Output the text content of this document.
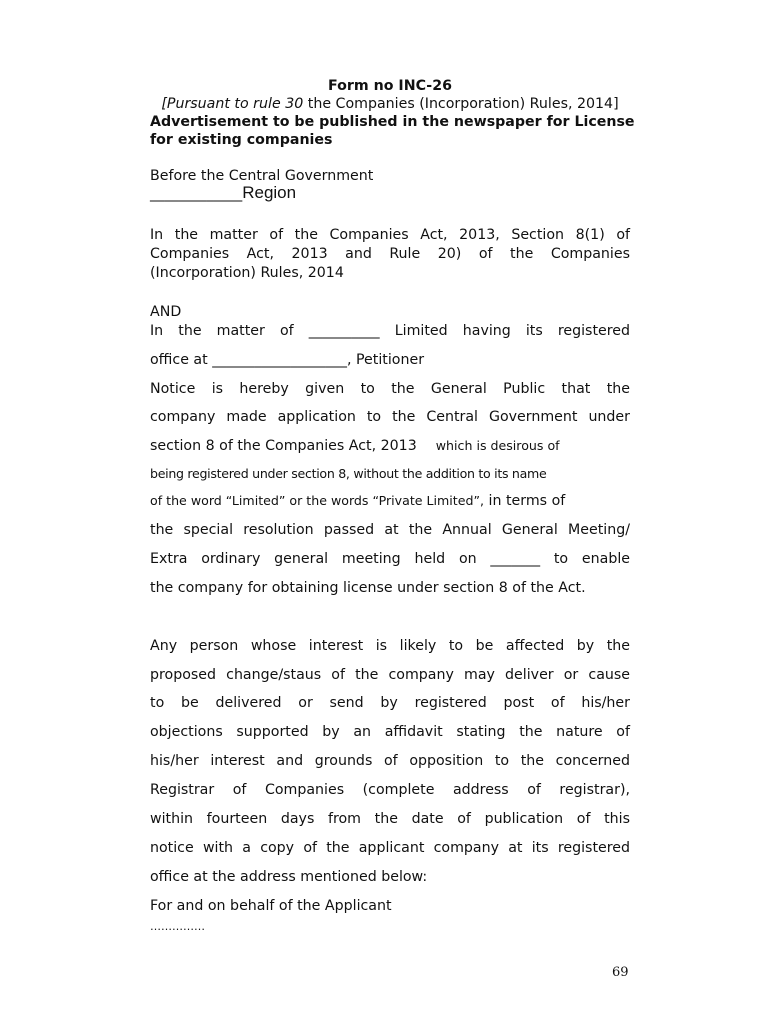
Form no INC-26
[Pursuant to rule 30 the Companies (Incorporation) Rules, 2014]
Advertisement to be published in the newspaper for License
for existing companies
Before the Central Government
_____________Region
In the matter of the Companies Act, 2013, Section 8(1) of
Companies Act, 2013 and Rule 20) of the Companies
(Incorporation) Rules, 2014
AND
In the matter of __________ Limited having its registered
office at ___________________, Petitioner
Notice is hereby given to the General Public that the
company made application to the Central Government under
section 8 of the Companies Act, 2013 which is desirous of
being registered under section 8, without the addition to its name
of the word “Limited” or the words “Private Limited”, in terms of
the special resolution passed at the Annual General Meeting/
Extra ordinary general meeting held on _______ to enable
the company for obtaining license under section 8 of the Act.
Any person whose interest is likely to be affected by the
proposed change/staus of the company may deliver or cause
to be delivered or send by registered post of his/her
objections supported by an affidavit stating the nature of
his/her interest and grounds of opposition to the concerned
Registrar of Companies (complete address of registrar),
within fourteen days from the date of publication of this
notice with a copy of the applicant company at its registered
office at the address mentioned below:
For and on behalf of the Applicant
……………
69
